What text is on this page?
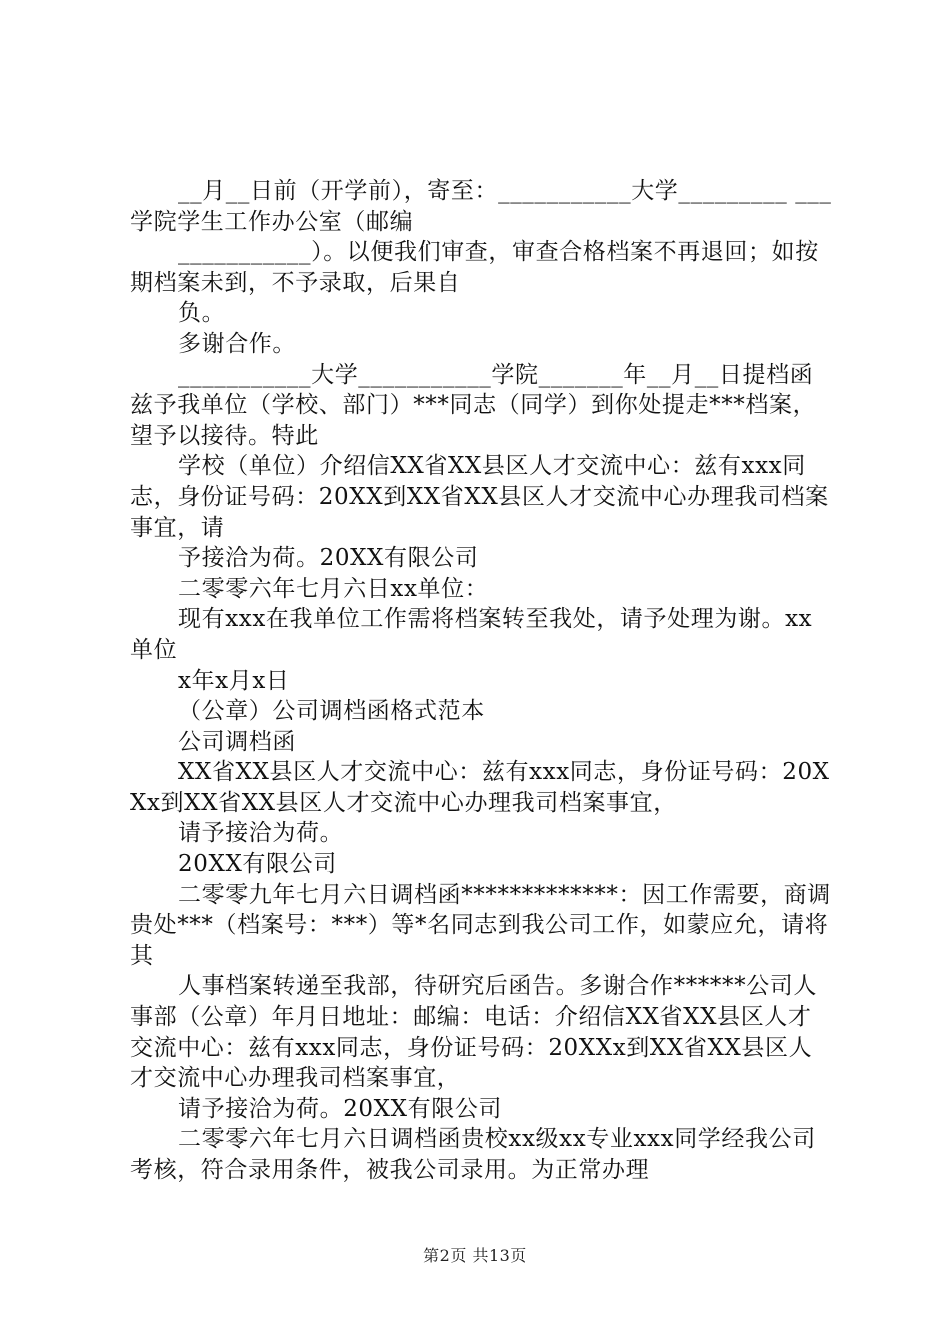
__月__日前（开学前），寄至：___________大学_________ ___学院学生工作办公室（邮编

___________）。以便我们审查，审查合格档案不再退回；如按期档案未到，不予录取，后果自

负。

多谢合作。

___________大学___________学院_______年__月__日提档函兹予我单位（学校、部门）***同志（同学）到你处提走***档案，望予以接待。特此

学校（单位）介绍信XX省XX县区人才交流中心：兹有xxx同志，身份证号码：20XX到XX省XX县区人才交流中心办理我司档案事宜，请

予接洽为荷。20XX有限公司

二零零六年七月六日xx单位：

现有xxx在我单位工作需将档案转至我处，请予处理为谢。xx单位

x年x月x日

（公章）公司调档函格式范本

公司调档函

XX省XX县区人才交流中心：兹有xxx同志，身份证号码：20XXx到XX省XX县区人才交流中心办理我司档案事宜，

请予接洽为荷。

20XX有限公司

二零零九年七月六日调档函*************：因工作需要，商调贵处***（档案号：***）等*名同志到我公司工作，如蒙应允，请将其

人事档案转递至我部，待研究后函告。多谢合作******公司人事部（公章）年月日地址：邮编：电话：介绍信XX省XX县区人才交流中心：兹有xxx同志，身份证号码：20XXx到XX省XX县区人才交流中心办理我司档案事宜，

请予接洽为荷。20XX有限公司

二零零六年七月六日调档函贵校xx级xx专业xxx同学经我公司考核，符合录用条件，被我公司录用。为正常办理

第2页 共13页
